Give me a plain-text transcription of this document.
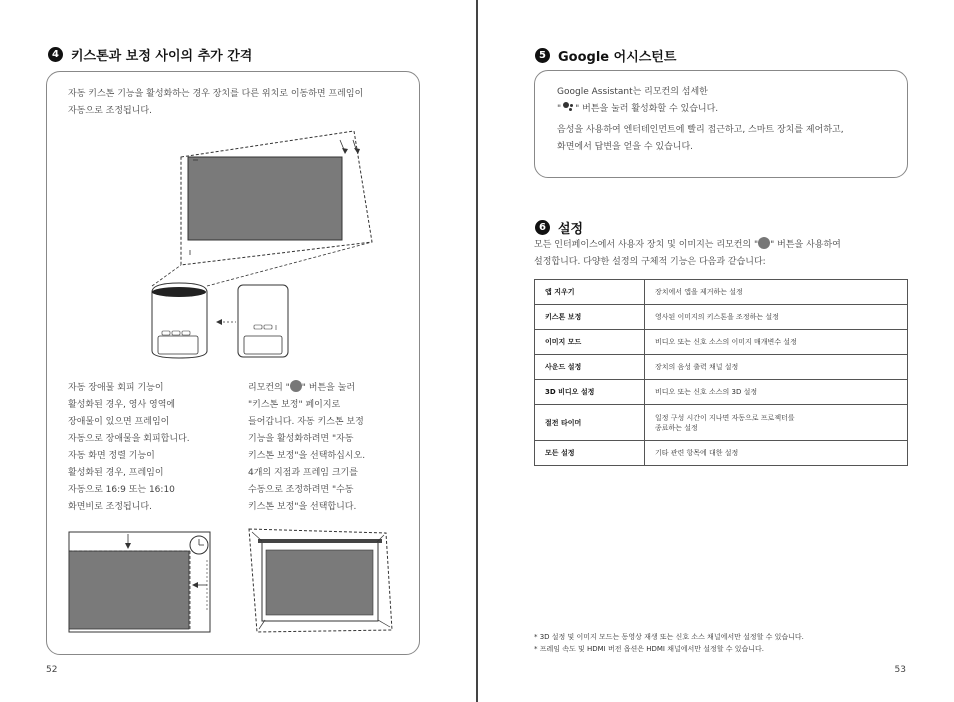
4 키스톤과 보정 사이의 추가 간격
자동 키스톤 기능을 활성화하는 경우 장치를 다른 위치로 이동하면 프레임이
자동으로 조정됩니다.
자동 장애물 회피 기능이
활성화된 경우, 영사 영역에
장애물이 있으면 프레임이
자동으로 장애물을 회피합니다.
자동 화면 정렬 기능이
활성화된 경우, 프레임이
자동으로 16:9 또는 16:10
화면비로 조정됩니다.
리모컨의 " " 버튼을 눌러
"키스톤 보정" 페이지로
들어갑니다. 자동 키스톤 보정
기능을 활성화하려면 "자동
키스톤 보정"을 선택하십시오.
4개의 지점과 프레임 크기를
수동으로 조정하려면 "수동
키스톤 보정"을 선택합니다.
52
5 Google 어시스턴트
Google Assistant는 리모컨의 섬세한
" " 버튼을 눌러 활성화할 수 있습니다.
음성을 사용하여 엔터테인먼트에 빨리 접근하고, 스마트 장치를 제어하고,
화면에서 답변을 얻을 수 있습니다.
6 설정
모든 인터페이스에서 사용자 장치 및 이미지는 리모컨의 " " 버튼을 사용하여
설정합니다. 다양한 설정의 구체적 기능은 다음과 같습니다:
앱 지우기	장치에서 앱을 제거하는 설정
키스톤 보정	영사된 이미지의 키스톤을 조정하는 설정
이미지 모드	비디오 또는 신호 소스의 이미지 매개변수 설정
사운드 설정	장치의 음성 출력 채널 설정
3D 비디오 설정	비디오 또는 신호 소스의 3D 설정
절전 타이머	일정 구성 시간이 지나면 자동으로 프로젝터를
종료하는 설정

모든 설정	기타 관련 항목에 대한 설정
* 3D 설정 및 이미지 모드는 동영상 재생 또는 신호 소스 채널에서만 설정할 수 있습니다.
* 프레임 속도 및 HDMI 버전 옵션은 HDMI 채널에서만 설정할 수 있습니다.
53
